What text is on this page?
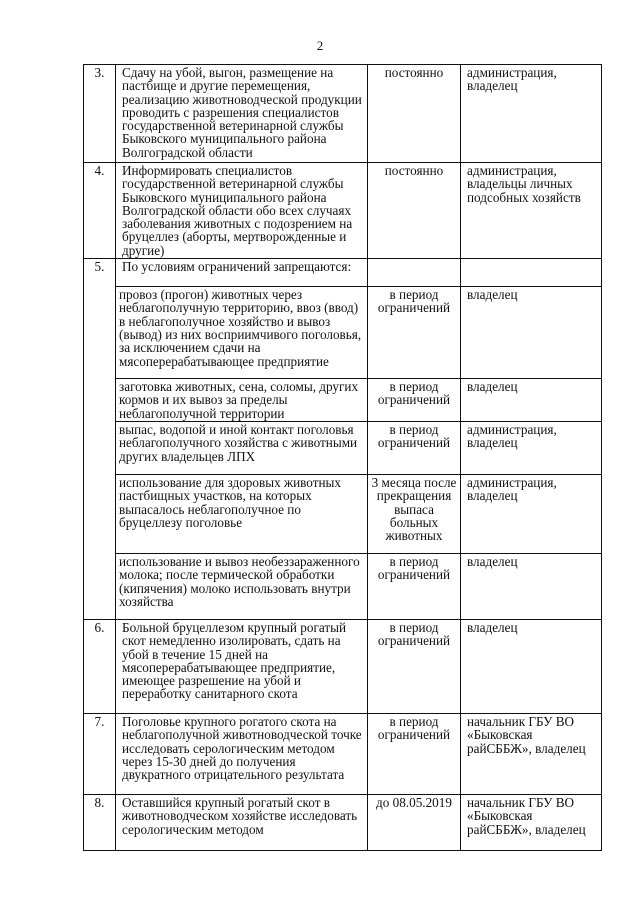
2
3.	Сдачу на убой, выгон, размещение на пастбище и другие перемещения, реализацию животноводческой продукции проводить с разрешения специалистов государственной ветеринарной службы Быковского муниципального района Волгоградской области	постоянно	администрация, владелец
4.	Информировать специалистов государственной ветеринарной службы Быковского муниципального района Волгоградской области обо всех случаях заболевания животных с подозрением на бруцеллез (аборты, мертворожденные и другие)	постоянно	администрация, владельцы личных подсобных хозяйств
5.	По условиям ограничений запрещаются:		
	провоз (прогон) животных через неблагополучную территорию, ввоз (ввод) в неблагополучное хозяйство и вывоз (вывод) из них восприимчивого поголовья, за исключением сдачи на мясоперерабатывающее предприятие	в период ограничений	владелец
	заготовка животных, сена, соломы, других кормов и их вывоз за пределы неблагополучной территории	в период ограничений	владелец
	выпас, водопой и иной контакт поголовья неблагополучного хозяйства с животными других владельцев ЛПХ	в период ограничений	администрация, владелец
	использование для здоровых животных пастбищных участков, на которых выпасалось неблагополучное по бруцеллезу поголовье	3 месяца после прекращения выпаса больных животных	администрация, владелец
	использование и вывоз необеззараженного молока; после термической обработки (кипячения) молоко использовать внутри хозяйства	в период ограничений	владелец
6.	Больной бруцеллезом крупный рогатый скот немедленно изолировать, сдать на убой в течение 15 дней на мясоперерабатывающее предприятие, имеющее разрешение на убой и переработку санитарного скота	в период ограничений	владелец
7.	Поголовье крупного рогатого скота на неблагополучной животноводческой точке исследовать серологическим методом через 15-30 дней до получения двукратного отрицательного результата	в период ограничений	начальник ГБУ ВО «Быковская райСББЖ», владелец
8.	Оставшийся крупный рогатый скот в животноводческом хозяйстве исследовать серологическим методом	до 08.05.2019	начальник ГБУ ВО «Быковская райСББЖ», владелец
